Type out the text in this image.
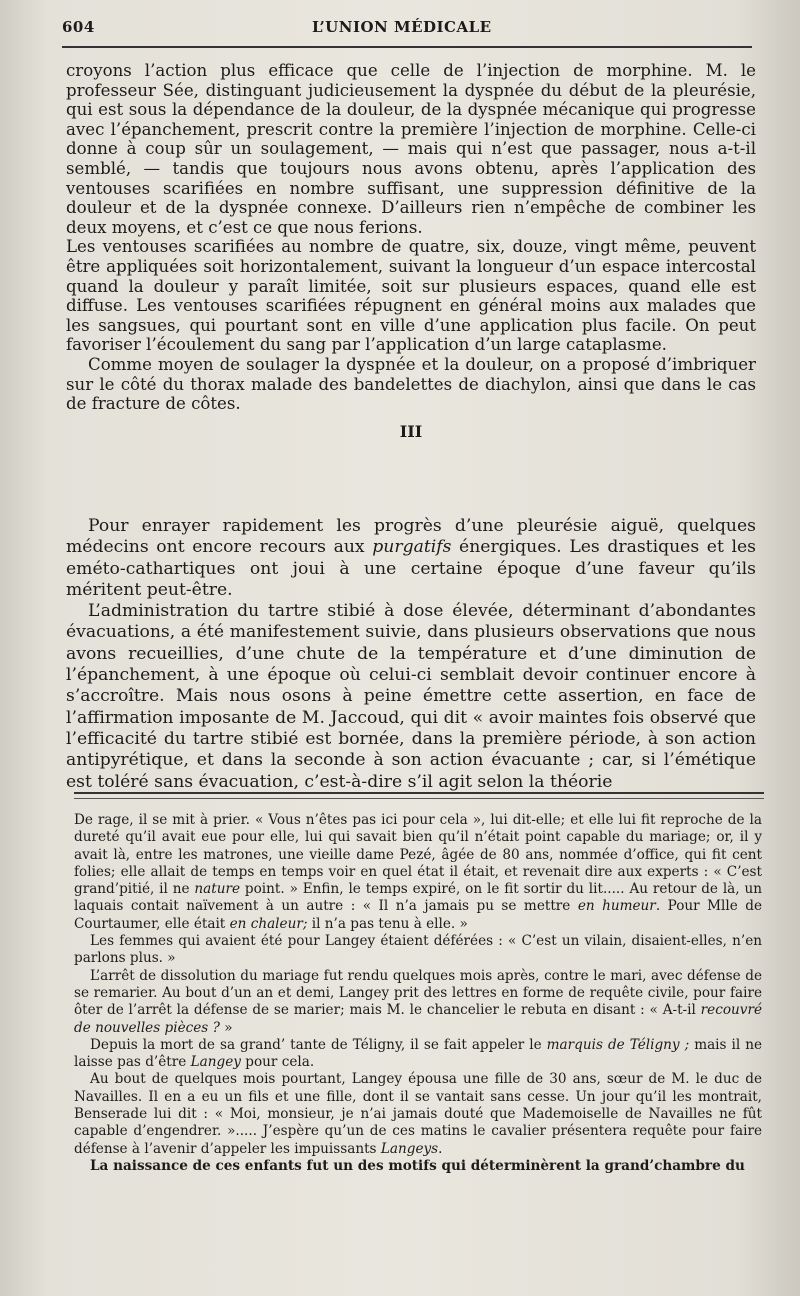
604	L’UNION MÉDICALE

croyons l’action plus efficace que celle de l’injection de morphine. M. le professeur Sée, distinguant judicieusement la dyspnée du début de la pleurésie, qui est sous la dépendance de la douleur, de la dyspnée mécanique qui progresse avec l’épanchement, prescrit contre la première l’injection de morphine. Celle-ci donne à coup sûr un soulagement, — mais qui n’est que passager, nous a-t-il semblé, — tandis que toujours nous avons obtenu, après l’application des ventouses scarifiées en nombre suffisant, une suppression définitive de la douleur et de la dyspnée connexe. D’ailleurs rien n’empêche de combiner les deux moyens, et c’est ce que nous ferions.

Les ventouses scarifiées au nombre de quatre, six, douze, vingt même, peuvent être appliquées soit horizontalement, suivant la longueur d’un espace intercostal quand la douleur y paraît limitée, soit sur plusieurs espaces, quand elle est diffuse. Les ventouses scarifiées répugnent en général moins aux malades que les sangsues, qui pourtant sont en ville d’une application plus facile. On peut favoriser l’écoulement du sang par l’application d’un large cataplasme.

Comme moyen de soulager la dyspnée et la douleur, on a proposé d’imbriquer sur le côté du thorax malade des bandelettes de diachylon, ainsi que dans le cas de fracture de côtes.

III

Pour enrayer rapidement les progrès d’une pleurésie aiguë, quelques médecins ont encore recours aux purgatifs énergiques. Les drastiques et les eméto-cathartiques ont joui à une certaine époque d’une faveur qu’ils méritent peut-être.

L’administration du tartre stibié à dose élevée, déterminant d’abondantes évacuations, a été manifestement suivie, dans plusieurs observations que nous avons recueillies, d’une chute de la température et d’une diminution de l’épanchement, à une époque où celui-ci semblait devoir continuer encore à s’accroître. Mais nous osons à peine émettre cette assertion, en face de l’affirmation imposante de M. Jaccoud, qui dit « avoir maintes fois observé que l’efficacité du tartre stibié est bornée, dans la première période, à son action antipyrétique, et dans la seconde à son action évacuante ; car, si l’émétique est toléré sans évacuation, c’est-à-dire s’il agit selon la théorie

De rage, il se mit à prier. « Vous n’êtes pas ici pour cela », lui dit-elle; et elle lui fit reproche de la dureté qu’il avait eue pour elle, lui qui savait bien qu’il n’était point capable du mariage; or, il y avait là, entre les matrones, une vieille dame Pezé, âgée de 80 ans, nommée d’office, qui fit cent folies; elle allait de temps en temps voir en quel état il était, et revenait dire aux experts : « C’est grand’pitié, il ne nature point. » Enfin, le temps expiré, on le fit sortir du lit..... Au retour de là, un laquais contait naïvement à un autre : « Il n’a jamais pu se mettre en humeur. Pour Mlle de Courtaumer, elle était en chaleur; il n’a pas tenu à elle. »

Les femmes qui avaient été pour Langey étaient déférées : « C’est un vilain, disaient-elles, n’en parlons plus. »

L’arrêt de dissolution du mariage fut rendu quelques mois après, contre le mari, avec défense de se remarier. Au bout d’un an et demi, Langey prit des lettres en forme de requête civile, pour faire ôter de l’arrêt la défense de se marier; mais M. le chancelier le rebuta en disant : « A-t-il recouvré de nouvelles pièces ? »

Depuis la mort de sa grand’ tante de Téligny, il se fait appeler le marquis de Téligny ; mais il ne laisse pas d’être Langey pour cela.

Au bout de quelques mois pourtant, Langey épousa une fille de 30 ans, sœur de M. le duc de Navailles. Il en a eu un fils et une fille, dont il se vantait sans cesse. Un jour qu’il les montrait, Benserade lui dit : « Moi, monsieur, je n’ai jamais douté que Mademoiselle de Navailles ne fût capable d’engendrer. »..... J’espère qu’un de ces matins le cavalier présentera requête pour faire défense à l’avenir d’appeler les impuissants Langeys.

La naissance de ces enfants fut un des motifs qui déterminèrent la grand’chambre du
